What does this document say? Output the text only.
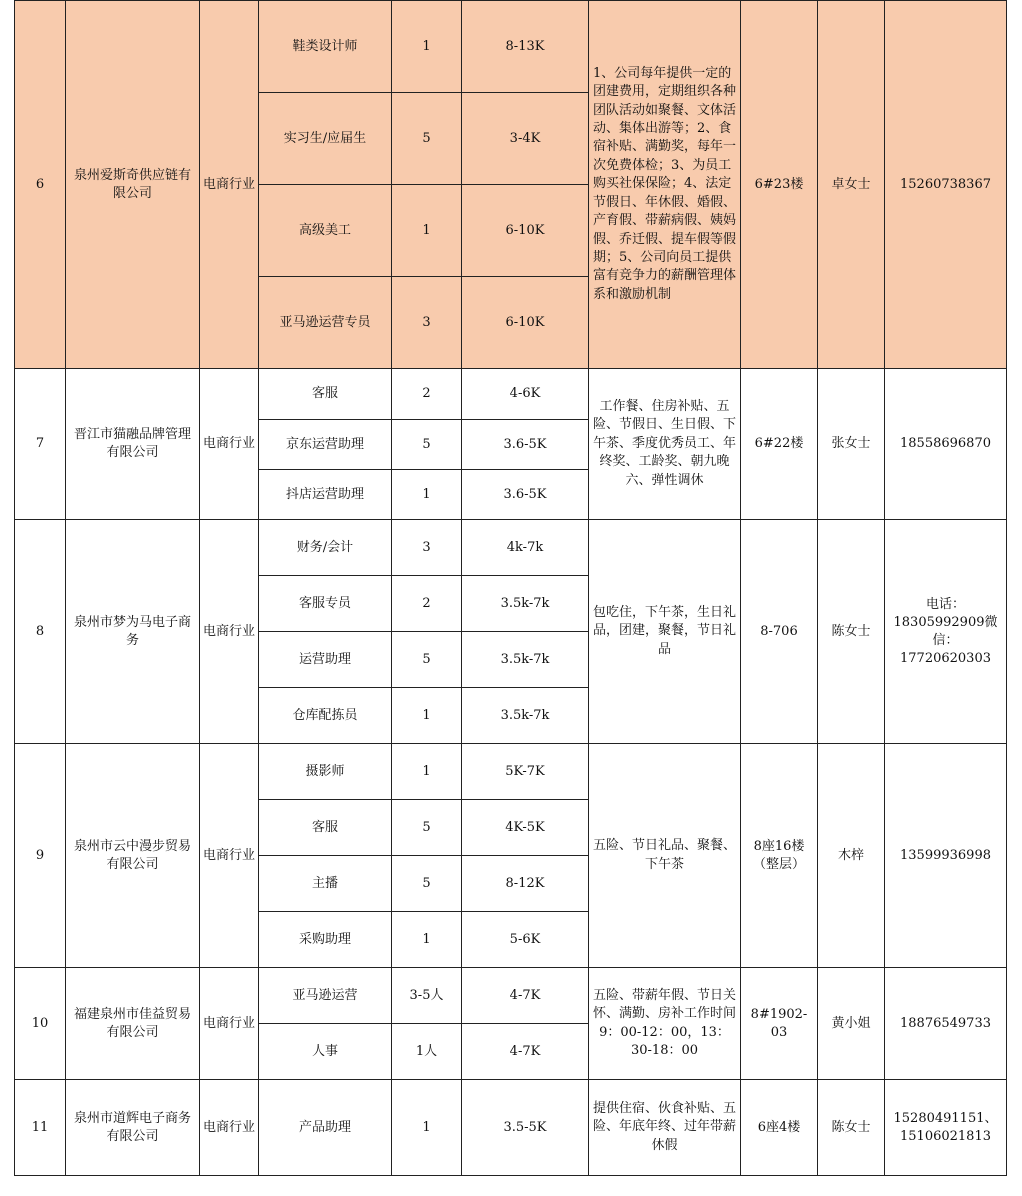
6	泉州爱斯奇供应链有限公司	电商行业	鞋类设计师	1	8-13K	1、公司每年提供一定的团建费用，定期组织各种团队活动如聚餐、文体活动、集体出游等；2、食宿补贴、满勤奖，每年一次免费体检；3、为员工购买社保保险；4、法定节假日、年休假、婚假、产育假、带薪病假、姨妈假、乔迁假、提车假等假期；5、公司向员工提供富有竞争力的薪酬管理体系和激励机制	6#23楼	卓女士	15260738367
			实习生/应届生	5	3-4K				
			高级美工	1	6-10K				
			亚马逊运营专员	3	6-10K				
7	晋江市猫融品牌管理有限公司	电商行业	客服	2	4-6K	工作餐、住房补贴、五险、节假日、生日假、下午茶、季度优秀员工、年终奖、工龄奖、朝九晚六、弹性调休	6#22楼	张女士	18558696870
			京东运营助理	5	3.6-5K				
			抖店运营助理	1	3.6-5K				
8	泉州市梦为马电子商务	电商行业	财务/会计	3	4k-7k	包吃住，下午茶，生日礼品，团建，聚餐，节日礼品	8-706	陈女士	电话：18305992909微信：17720620303
			客服专员	2	3.5k-7k				
			运营助理	5	3.5k-7k				
			仓库配拣员	1	3.5k-7k				
9	泉州市云中漫步贸易有限公司	电商行业	摄影师	1	5K-7K	五险、节日礼品、聚餐、下午茶	8座16楼（整层）	木梓	13599936998
			客服	5	4K-5K				
			主播	5	8-12K				
			采购助理	1	5-6K				
10	福建泉州市佳益贸易有限公司	电商行业	亚马逊运营	3-5人	4-7K	五险、带薪年假、节日关怀、满勤、房补工作时间9：00-12：00，13：30-18：00	8#1902-03	黄小姐	18876549733
			人事	1人	4-7K				
11	泉州市道辉电子商务有限公司	电商行业	产品助理	1	3.5-5K	提供住宿、伙食补贴、五险、年底年终、过年带薪休假	6座4楼	陈女士	15280491151、15106021813
